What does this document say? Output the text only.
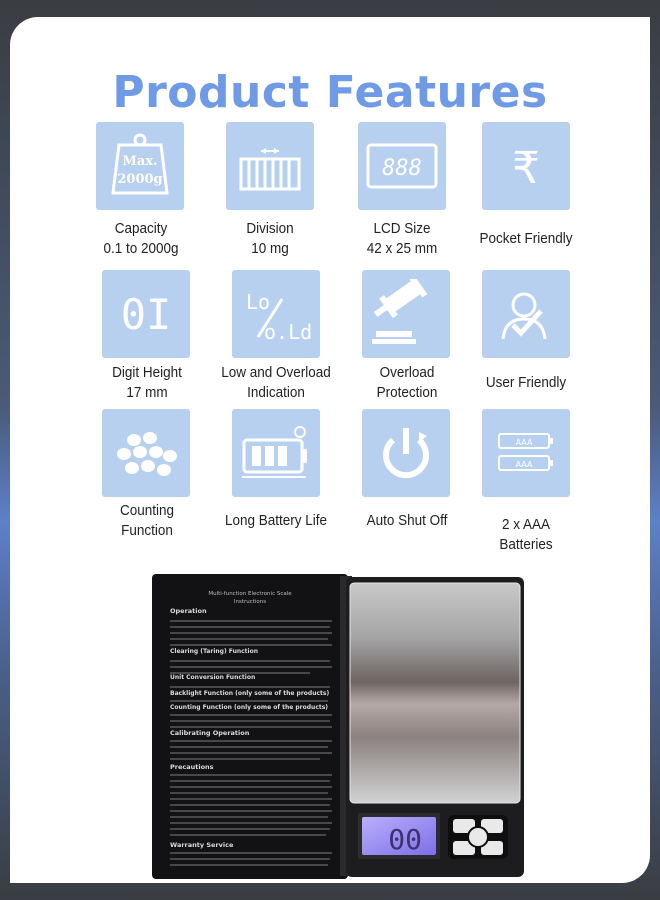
Product Features
Max.
2000g
Capacity
0.1 to 2000g
Division
10 mg
888
LCD Size
42 x 25 mm
₹
Pocket Friendly
0I
Digit Height
17 mm
Lo
o.Ld
Low and Overload
Indication
Overload
Protection
User Friendly
Counting
Function
Long Battery Life	Auto Shut Off
AAA
AAA
2 x AAA
Batteries
Multi-function Electronic Scale
Instructions
Operation
Clearing (Taring) Function
Unit Conversion Function
Backlight Function (only some of the products)
Counting Function (only some of the products)
Calibrating Operation
Precautions
Warranty Service	00
